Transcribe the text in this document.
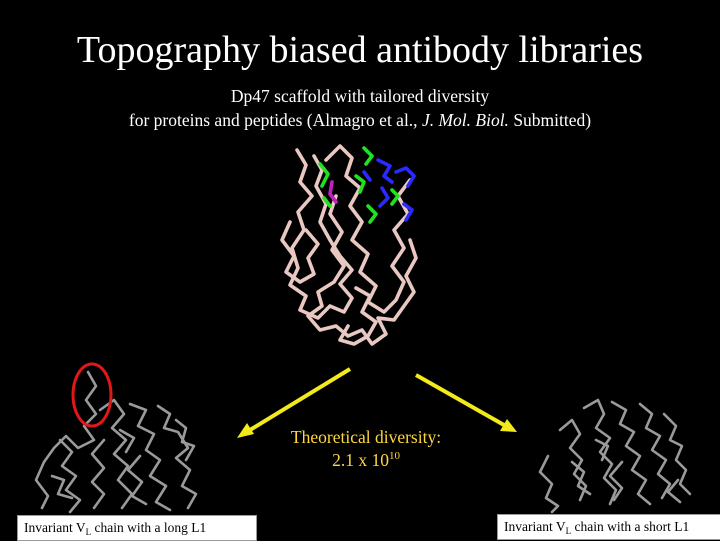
Topography biased antibody libraries
Dp47 scaffold with tailored diversity
for proteins and peptides (Almagro et al., J. Mol. Biol. Submitted)
Theoretical diversity:
2.1 x $10^{10}$
Invariant $V_L$ chain with a long L1	Invariant $V_L$ chain with a short L1
